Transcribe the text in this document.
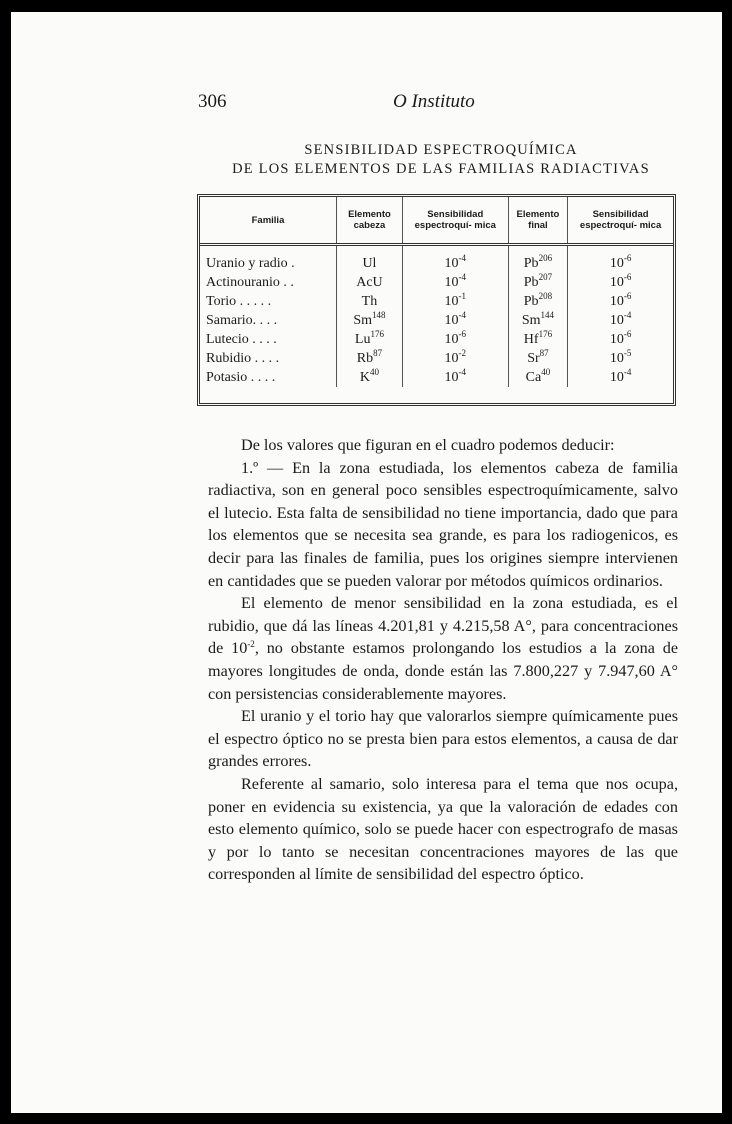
306	O Instituto
SENSIBILIDAD ESPECTROQUÍMICA
DE LOS ELEMENTOS DE LAS FAMILIAS RADIACTIVAS
Familia	Elemento cabeza	Sensibilidad espectroquí- mica	Elemento final	Sensibilidad espectroquí- mica
Uranio y radio .	Ul	$10^{-4}$	Pb$^{206}$	$10^{-6}$
Actinouranio . .	AcU	$10^{-4}$	Pb$^{207}$	$10^{-6}$
Torio . . . . .	Th	$10^{-1}$	Pb$^{208}$	$10^{-6}$
Samario. . . .	Sm$^{148}$	$10^{-4}$	Sm$^{144}$	$10^{-4}$
Lutecio . . . .	Lu$^{176}$	$10^{-6}$	Hf$^{176}$	$10^{-6}$
Rubidio . . . .	Rb$^{87}$	$10^{-2}$	Sr$^{87}$	$10^{-5}$
Potasio . . . .	$K^{40}$	$10^{-4}$	Ca$^{40}$	$10^{-4}$

De los valores que figuran en el cuadro podemos deducir:

1.º — En la zona estudiada, los elementos cabeza de familia radiactiva, son en general poco sensibles espectroquímicamente, salvo el lutecio. Esta falta de sensibilidad no tiene importancia, dado que para los elementos que se necesita sea grande, es para los radiogenicos, es decir para las finales de familia, pues los origines siempre intervienen en cantidades que se pueden valorar por métodos químicos ordinarios.

El elemento de menor sensibilidad en la zona estudiada, es el rubidio, que dá las líneas 4.201,81 y 4.215,58 A°, para concentraciones de $10^{-2}$, no obstante estamos prolongando los estudios a la zona de mayores longitudes de onda, donde están las 7.800,227 y 7.947,60 A° con persistencias considerablemente mayores.

El uranio y el torio hay que valorarlos siempre químicamente pues el espectro óptico no se presta bien para estos elementos, a causa de dar grandes errores.

Referente al samario, solo interesa para el tema que nos ocupa, poner en evidencia su existencia, ya que la valoración de edades con esto elemento químico, solo se puede hacer con espectrografo de masas y por lo tanto se necesitan concentraciones mayores de las que corresponden al límite de sensibilidad del espectro óptico.
